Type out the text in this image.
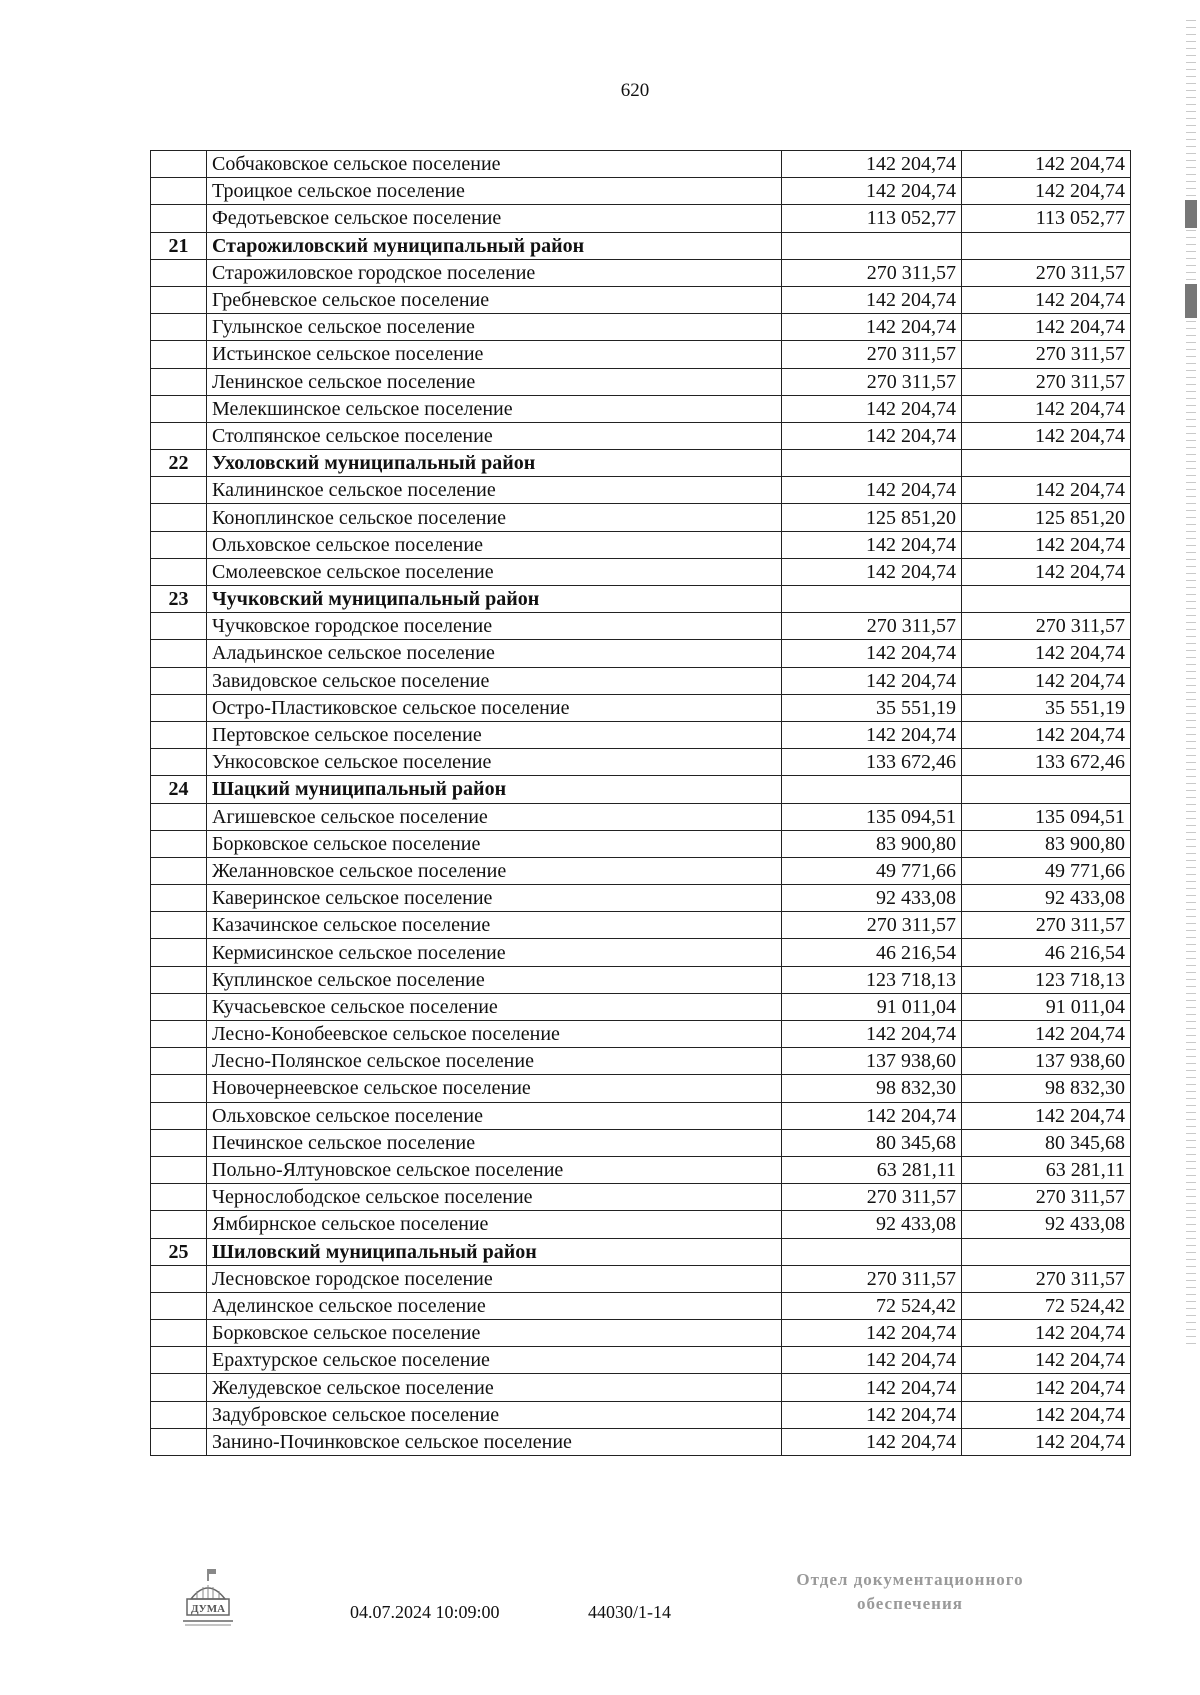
620
	Собчаковское сельское поселение	142 204,74	142 204,74
	Троицкое сельское поселение	142 204,74	142 204,74
	Федотьевское сельское поселение	113 052,77	113 052,77
21	Старожиловский муниципальный район		
	Старожиловское городское поселение	270 311,57	270 311,57
	Гребневское сельское поселение	142 204,74	142 204,74
	Гулынское сельское поселение	142 204,74	142 204,74
	Истьинское сельское поселение	270 311,57	270 311,57
	Ленинское сельское поселение	270 311,57	270 311,57
	Мелекшинское сельское поселение	142 204,74	142 204,74
	Столпянское сельское поселение	142 204,74	142 204,74
22	Ухоловский муниципальный район		
	Калининское сельское поселение	142 204,74	142 204,74
	Коноплинское сельское поселение	125 851,20	125 851,20
	Ольховское сельское поселение	142 204,74	142 204,74
	Смолеевское сельское поселение	142 204,74	142 204,74
23	Чучковский муниципальный район		
	Чучковское городское поселение	270 311,57	270 311,57
	Аладьинское сельское поселение	142 204,74	142 204,74
	Завидовское сельское поселение	142 204,74	142 204,74
	Остро-Пластиковское сельское поселение	35 551,19	35 551,19
	Пертовское сельское поселение	142 204,74	142 204,74
	Ункосовское сельское поселение	133 672,46	133 672,46
24	Шацкий муниципальный район		
	Агишевское сельское поселение	135 094,51	135 094,51
	Борковское сельское поселение	83 900,80	83 900,80
	Желанновское сельское поселение	49 771,66	49 771,66
	Каверинское сельское поселение	92 433,08	92 433,08
	Казачинское сельское поселение	270 311,57	270 311,57
	Кермисинское сельское поселение	46 216,54	46 216,54
	Куплинское сельское поселение	123 718,13	123 718,13
	Кучасьевское сельское поселение	91 011,04	91 011,04
	Лесно-Конобеевское сельское поселение	142 204,74	142 204,74
	Лесно-Полянское сельское поселение	137 938,60	137 938,60
	Новочернеевское сельское поселение	98 832,30	98 832,30
	Ольховское сельское поселение	142 204,74	142 204,74
	Печинское сельское поселение	80 345,68	80 345,68
	Польно-Ялтуновское сельское поселение	63 281,11	63 281,11
	Чернослободское сельское поселение	270 311,57	270 311,57
	Ямбирнское сельское поселение	92 433,08	92 433,08
25	Шиловский муниципальный район		
	Лесновское городское поселение	270 311,57	270 311,57
	Аделинское сельское поселение	72 524,42	72 524,42
	Борковское сельское поселение	142 204,74	142 204,74
	Ерахтурское сельское поселение	142 204,74	142 204,74
	Желудевское сельское поселение	142 204,74	142 204,74
	Задубровское сельское поселение	142 204,74	142 204,74
	Занино-Починковское сельское поселение	142 204,74	142 204,74
ДУМА	04.07.2024 10:09:00	44030/1-14
Отдел документационного
обеспечения
